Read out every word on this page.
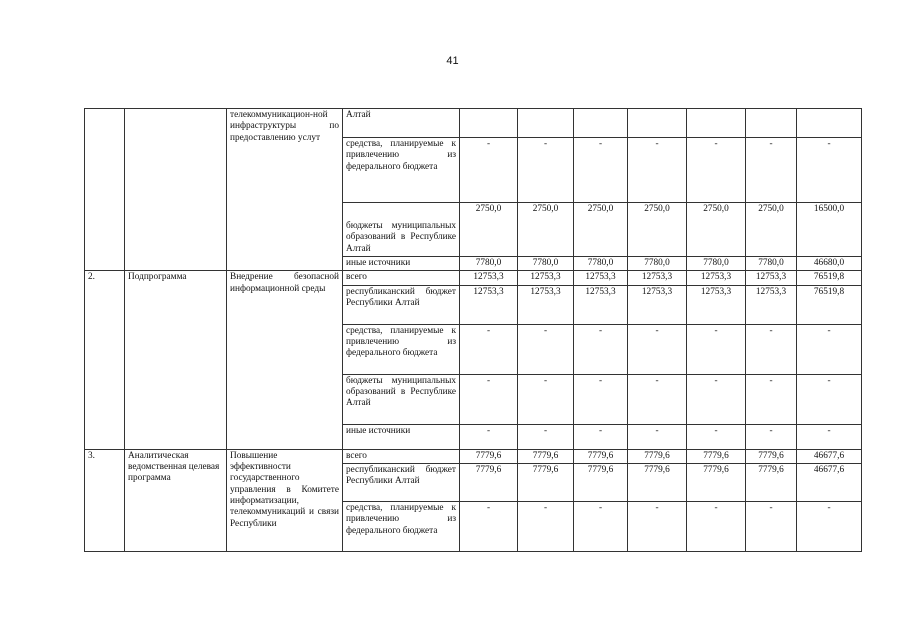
41
		телекоммуникацион-ной инфраструктуры по предоставлению услут	Алтай							
			средства, планируемые к привлечению из федерального бюджета	-	-	-	-	-	-	-
			бюджеты муниципальных образований в Республике Алтай	2750,0	2750,0	2750,0	2750,0	2750,0	2750,0	16500,0
			иные источники	7780,0	7780,0	7780,0	7780,0	7780,0	7780,0	46680,0
2.	Подпрограмма	Внедрение безопасной информационной среды	всего	12753,3	12753,3	12753,3	12753,3	12753,3	12753,3	76519,8
			республиканский бюджет Республики Алтай	12753,3	12753,3	12753,3	12753,3	12753,3	12753,3	76519,8
			средства, планируемые к привлечению из федерального бюджета	-	-	-	-	-	-	-
			бюджеты муниципальных образований в Республике Алтай	-	-	-	-	-	-	-
			иные источники	-	-	-	-	-	-	-
3.	Аналитическая ведомственная целевая программа	Повышение эффективности государственного управления в Комитете информатизации, телекоммуникаций и связи Республики	всего	7779,6	7779,6	7779,6	7779,6	7779,6	7779,6	46677,6
			республиканский бюджет Республики Алтай	7779,6	7779,6	7779,6	7779,6	7779,6	7779,6	46677,6
			средства, планируемые к привлечению из федерального бюджета	-	-	-	-	-	-	-
